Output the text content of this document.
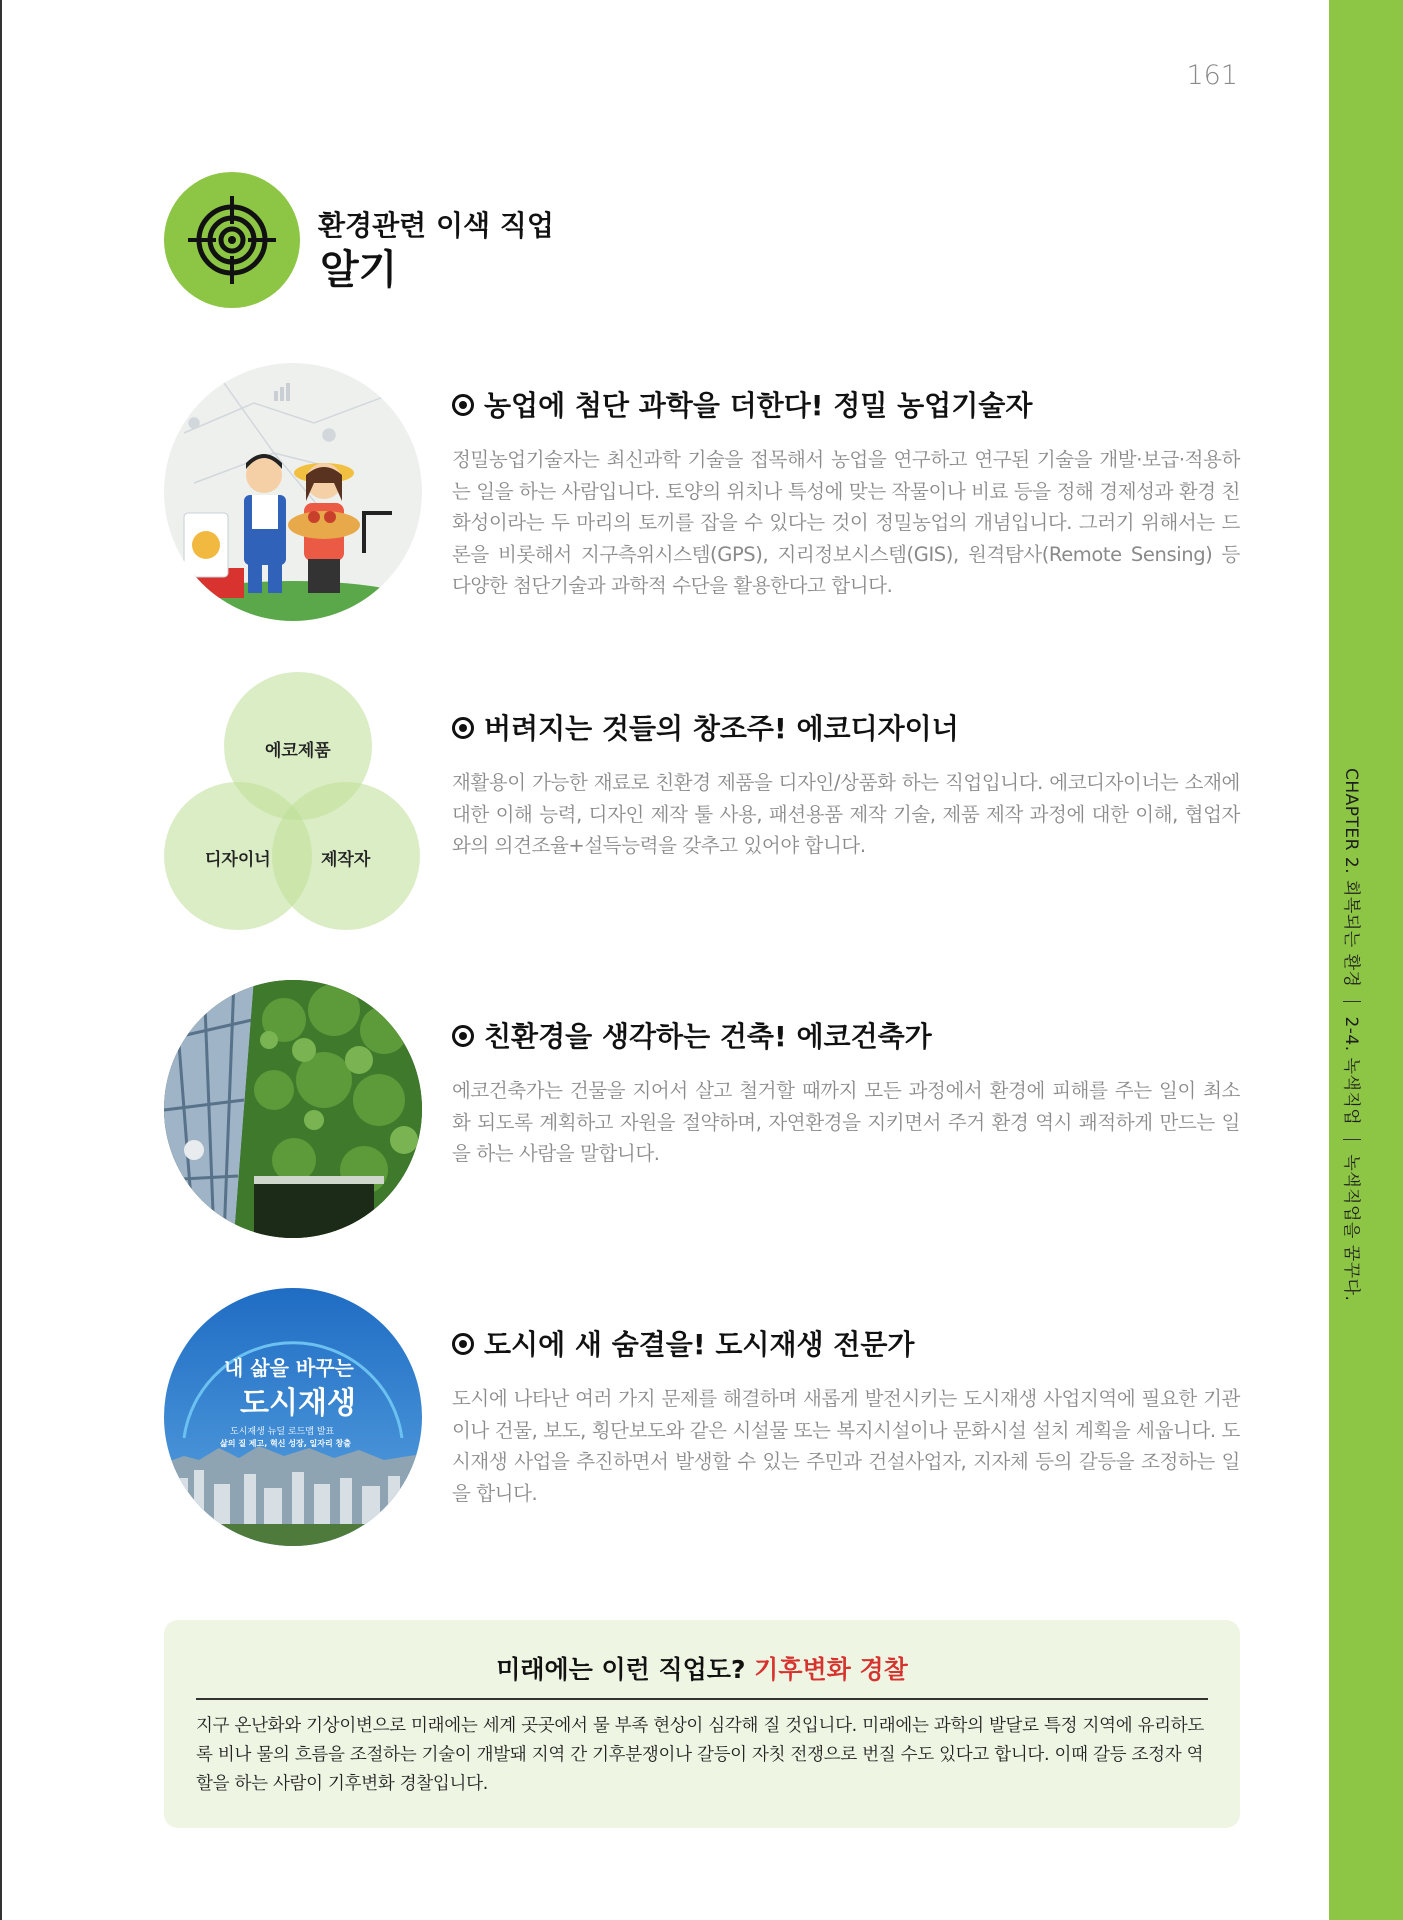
CHAPTER 2. 회복되는 환경2-4. 녹색직업녹색직업을 꿈꾸다.
161
환경관련 이색 직업
알기
농업에 첨단 과학을 더한다! 정밀 농업기술자
정밀농업기술자는 최신과학 기술을 접목해서 농업을 연구하고 연구된 기술을 개발·보급·적용하는 일을 하는 사람입니다. 토양의 위치나 특성에 맞는 작물이나 비료 등을 정해 경제성과 환경 친화성이라는 두 마리의 토끼를 잡을 수 있다는 것이 정밀농업의 개념입니다. 그러기 위해서는 드론을 비롯해서 지구측위시스템(GPS), 지리정보시스템(GIS), 원격탐사(Remote Sensing) 등 다양한 첨단기술과 과학적 수단을 활용한다고 합니다.
에코제품
디자이너	제작자
버려지는 것들의 창조주! 에코디자이너
재활용이 가능한 재료로 친환경 제품을 디자인/상품화 하는 직업입니다. 에코디자이너는 소재에 대한 이해 능력, 디자인 제작 툴 사용, 패션용품 제작 기술, 제품 제작 과정에 대한 이해, 협업자와의 의견조율+설득능력을 갖추고 있어야 합니다.
친환경을 생각하는 건축! 에코건축가
에코건축가는 건물을 지어서 살고 철거할 때까지 모든 과정에서 환경에 피해를 주는 일이 최소화 되도록 계획하고 자원을 절약하며, 자연환경을 지키면서 주거 환경 역시 쾌적하게 만드는 일을 하는 사람을 말합니다.
내 삶을 바꾸는
도시재생
도시재생 뉴딜 로드맵 발표
삶의 질 제고, 혁신 성장, 일자리 창출
도시에 새 숨결을! 도시재생 전문가
도시에 나타난 여러 가지 문제를 해결하며 새롭게 발전시키는 도시재생 사업지역에 필요한 기관이나 건물, 보도, 횡단보도와 같은 시설물 또는 복지시설이나 문화시설 설치 계획을 세웁니다. 도시재생 사업을 추진하면서 발생할 수 있는 주민과 건설사업자, 지자체 등의 갈등을 조정하는 일을 합니다.
미래에는 이런 직업도? 기후변화 경찰
지구 온난화와 기상이변으로 미래에는 세계 곳곳에서 물 부족 현상이 심각해 질 것입니다. 미래에는 과학의 발달로 특정 지역에 유리하도록 비나 물의 흐름을 조절하는 기술이 개발돼 지역 간 기후분쟁이나 갈등이 자칫 전쟁으로 번질 수도 있다고 합니다. 이때 갈등 조정자 역할을 하는 사람이 기후변화 경찰입니다.
